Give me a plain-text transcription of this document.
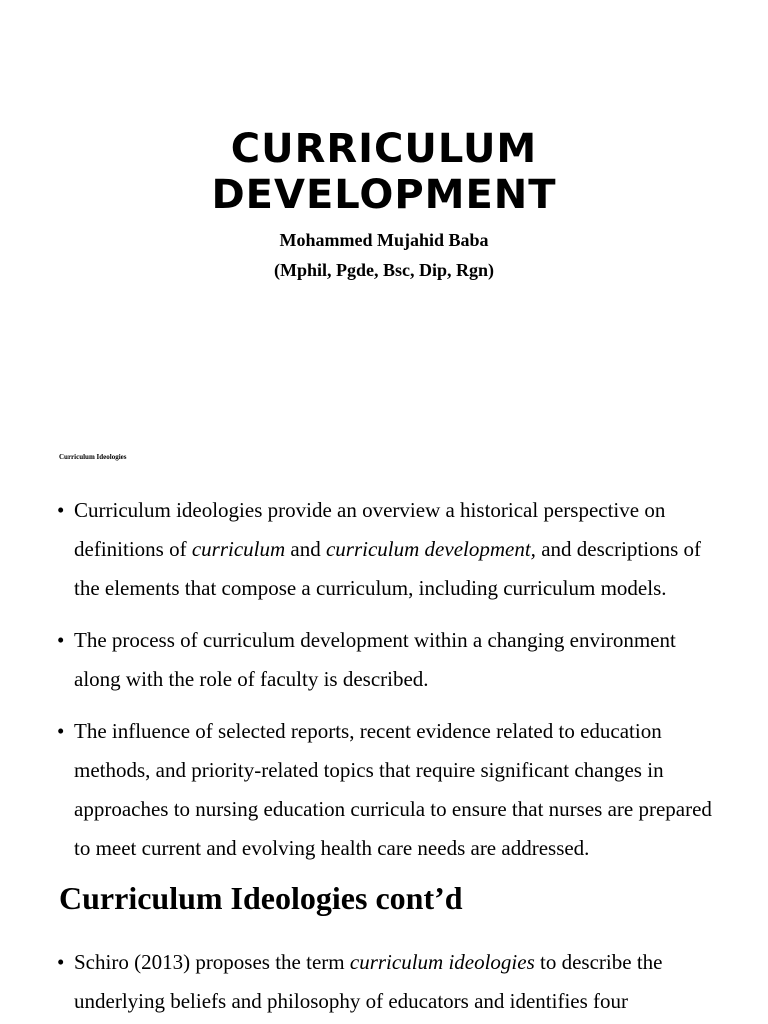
CURRICULUM
DEVELOPMENT
Mohammed Mujahid Baba
(Mphil, Pgde, Bsc, Dip, Rgn)
Curriculum Ideologies
• Curriculum ideologies provide an overview a historical perspective on definitions of curriculum and curriculum development, and descriptions of the elements that compose a curriculum, including curriculum models.
• The process of curriculum development within a changing environment along with the role of faculty is described.
• The influence of selected reports, recent evidence related to education methods, and priority-related topics that require significant changes in approaches to nursing education curricula to ensure that nurses are prepared to meet current and evolving health care needs are addressed.
Curriculum Ideologies cont’d
• Schiro (2013) proposes the term curriculum ideologies to describe the underlying beliefs and philosophy of educators and identifies four
